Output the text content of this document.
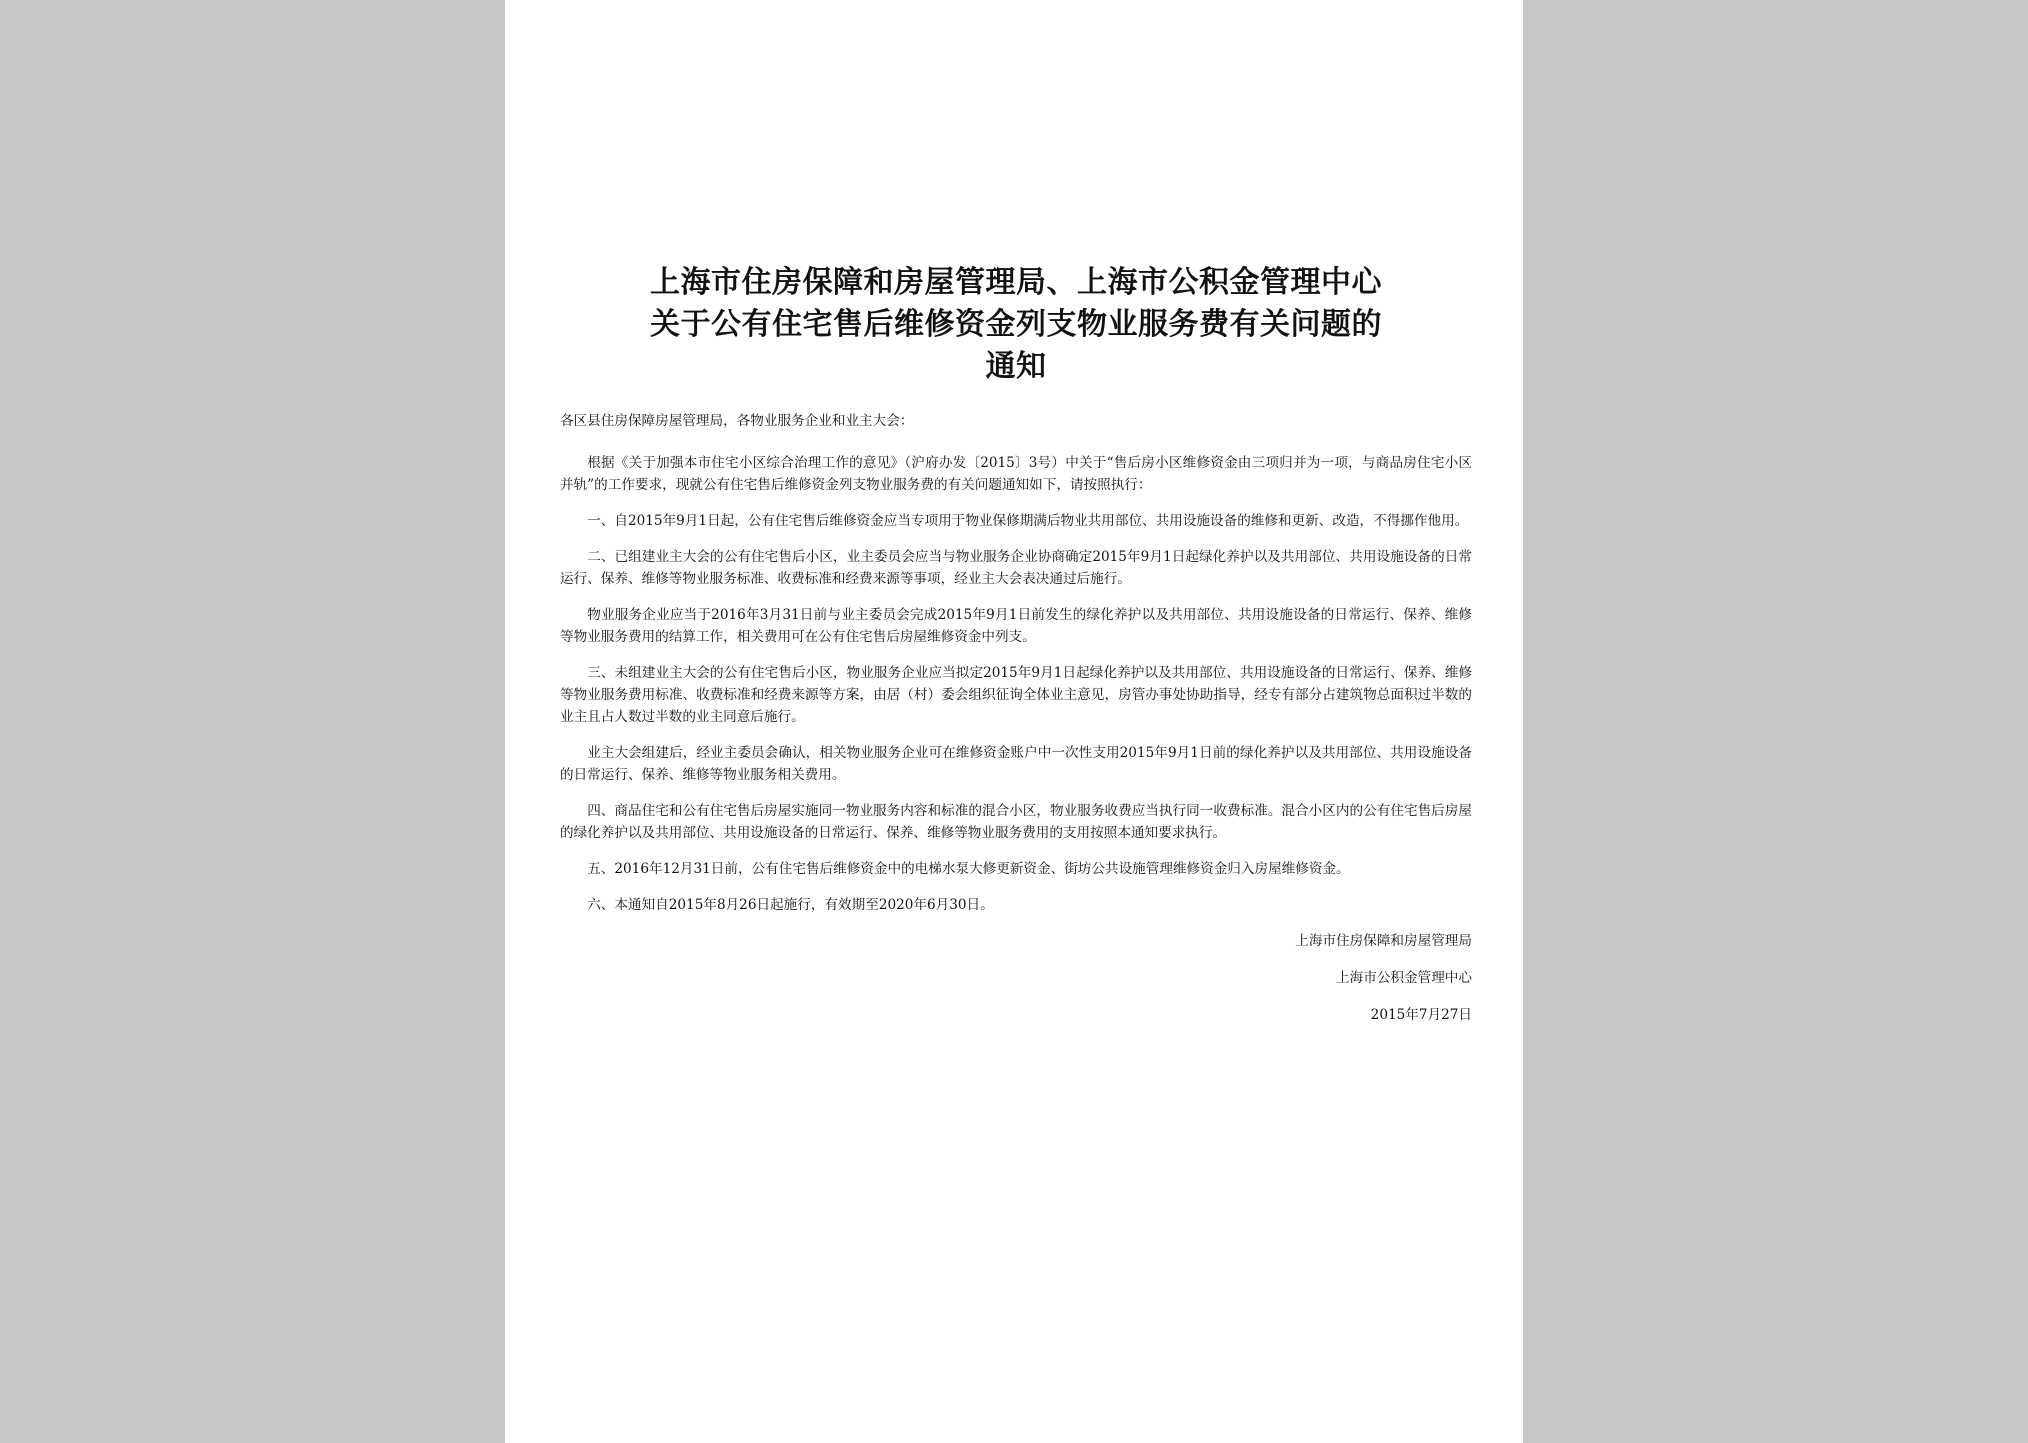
上海市住房保障和房屋管理局、上海市公积金管理中心
关于公有住宅售后维修资金列支物业服务费有关问题的
通知

各区县住房保障房屋管理局，各物业服务企业和业主大会：

根据《关于加强本市住宅小区综合治理工作的意见》（沪府办发〔2015〕3号）中关于“售后房小区维修资金由三项归并为一项，与商品房住宅小区并轨”的工作要求，现就公有住宅售后维修资金列支物业服务费的有关问题通知如下，请按照执行：

一、自2015年9月1日起，公有住宅售后维修资金应当专项用于物业保修期满后物业共用部位、共用设施设备的维修和更新、改造，不得挪作他用。

二、已组建业主大会的公有住宅售后小区，业主委员会应当与物业服务企业协商确定2015年9月1日起绿化养护以及共用部位、共用设施设备的日常运行、保养、维修等物业服务标准、收费标准和经费来源等事项，经业主大会表决通过后施行。

物业服务企业应当于2016年3月31日前与业主委员会完成2015年9月1日前发生的绿化养护以及共用部位、共用设施设备的日常运行、保养、维修等物业服务费用的结算工作，相关费用可在公有住宅售后房屋维修资金中列支。

三、未组建业主大会的公有住宅售后小区，物业服务企业应当拟定2015年9月1日起绿化养护以及共用部位、共用设施设备的日常运行、保养、维修等物业服务费用标准、收费标准和经费来源等方案，由居（村）委会组织征询全体业主意见，房管办事处协助指导，经专有部分占建筑物总面积过半数的业主且占人数过半数的业主同意后施行。

业主大会组建后，经业主委员会确认，相关物业服务企业可在维修资金账户中一次性支用2015年9月1日前的绿化养护以及共用部位、共用设施设备的日常运行、保养、维修等物业服务相关费用。

四、商品住宅和公有住宅售后房屋实施同一物业服务内容和标准的混合小区，物业服务收费应当执行同一收费标准。混合小区内的公有住宅售后房屋的绿化养护以及共用部位、共用设施设备的日常运行、保养、维修等物业服务费用的支用按照本通知要求执行。

五、2016年12月31日前，公有住宅售后维修资金中的电梯水泵大修更新资金、街坊公共设施管理维修资金归入房屋维修资金。

六、本通知自2015年8月26日起施行，有效期至2020年6月30日。

上海市住房保障和房屋管理局

上海市公积金管理中心

2015年7月27日
